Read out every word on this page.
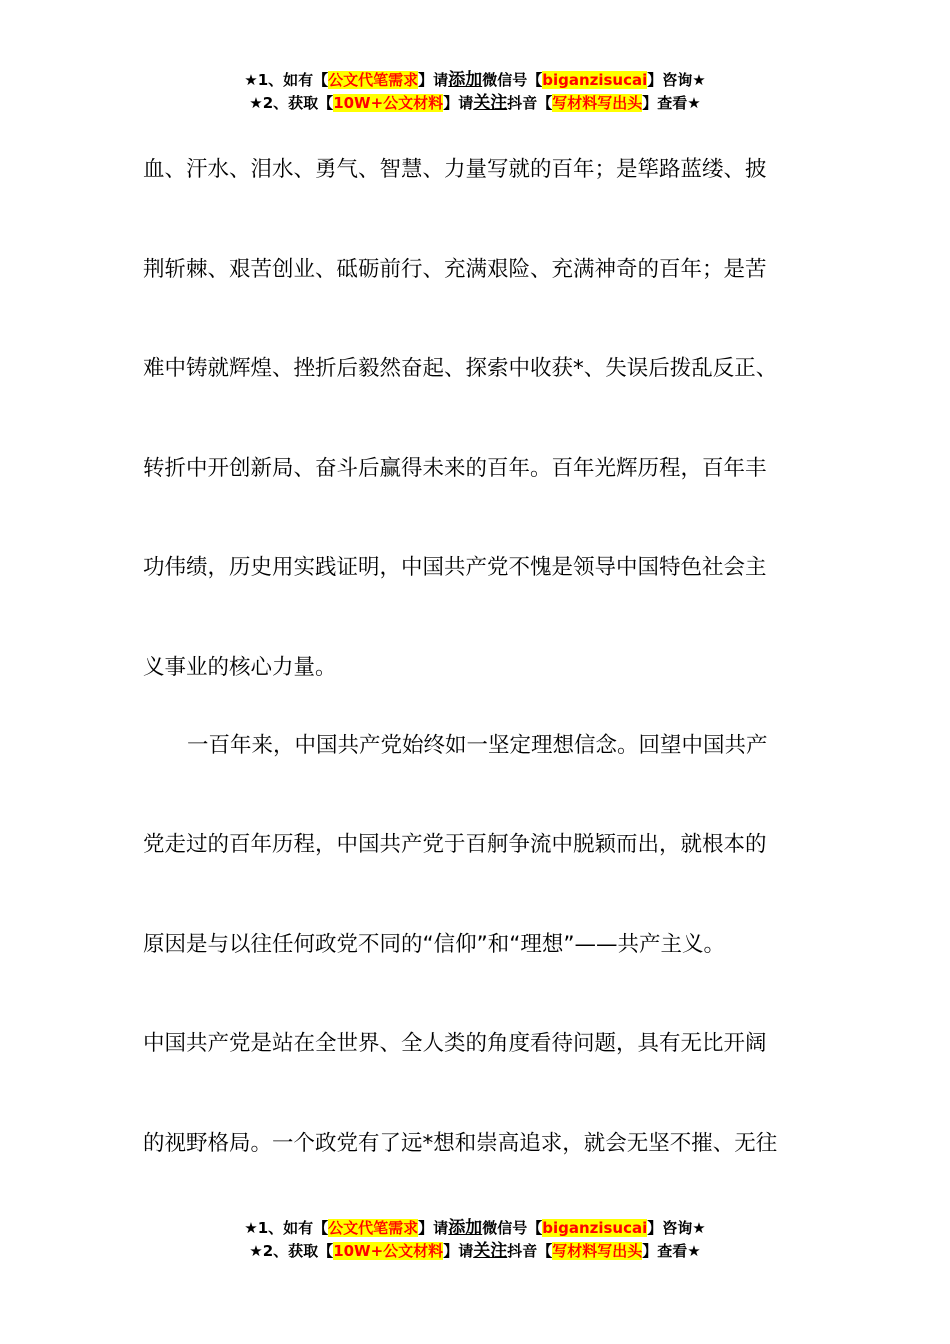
★1、如有【公文代笔需求】请添加微信号【biganzisucai】咨询★
★2、获取【10W+公文材料】请关注抖音【写材料写出头】查看★
血、汗水、泪水、勇气、智慧、力量写就的百年；是筚路蓝缕、披
荆斩棘、艰苦创业、砥砺前行、充满艰险、充满神奇的百年；是苦
难中铸就辉煌、挫折后毅然奋起、探索中收获*、失误后拨乱反正、
转折中开创新局、奋斗后赢得未来的百年。百年光辉历程，百年丰
功伟绩，历史用实践证明，中国共产党不愧是领导中国特色社会主
义事业的核心力量。
一百年来，中国共产党始终如一坚定理想信念。回望中国共产
党走过的百年历程，中国共产党于百舸争流中脱颖而出，就根本的
原因是与以往任何政党不同的“信仰”和“理想”——共产主义。
中国共产党是站在全世界、全人类的角度看待问题，具有无比开阔
的视野格局。一个政党有了远*想和崇高追求，就会无坚不摧、无往
★1、如有【公文代笔需求】请添加微信号【biganzisucai】咨询★
★2、获取【10W+公文材料】请关注抖音【写材料写出头】查看★
